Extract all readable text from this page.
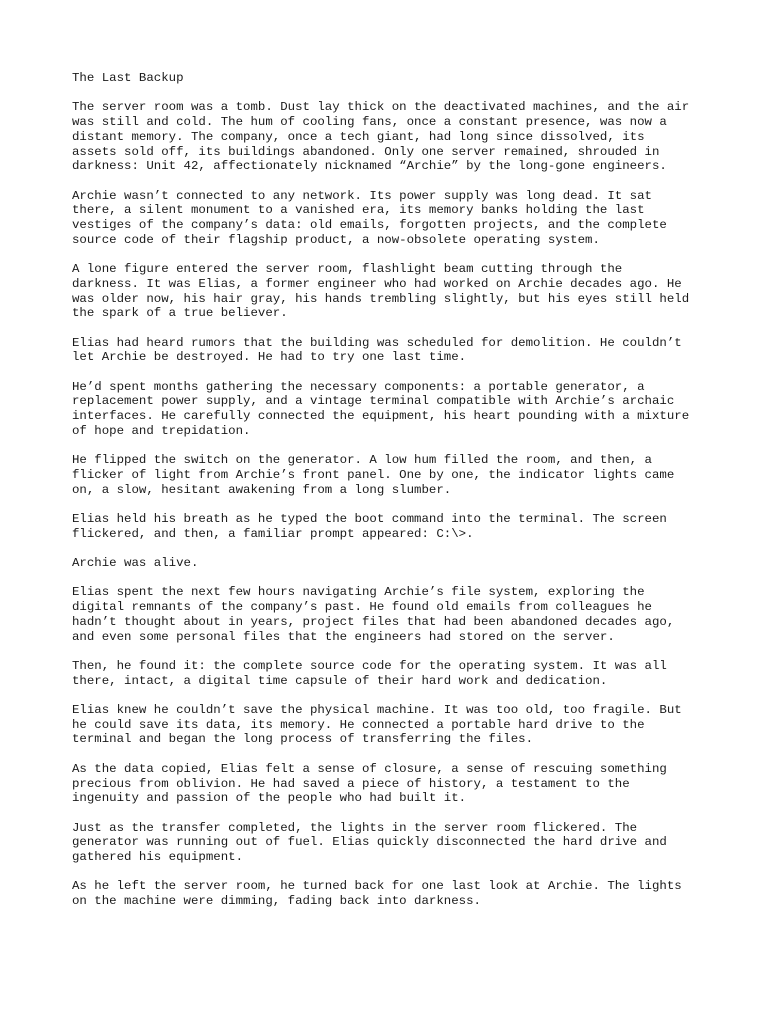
The Last Backup

The server room was a tomb. Dust lay thick on the deactivated machines, and the air
was still and cold. The hum of cooling fans, once a constant presence, was now a
distant memory. The company, once a tech giant, had long since dissolved, its
assets sold off, its buildings abandoned. Only one server remained, shrouded in
darkness: Unit 42, affectionately nicknamed “Archie” by the long-gone engineers.

Archie wasn’t connected to any network. Its power supply was long dead. It sat
there, a silent monument to a vanished era, its memory banks holding the last
vestiges of the company’s data: old emails, forgotten projects, and the complete
source code of their flagship product, a now-obsolete operating system.

A lone figure entered the server room, flashlight beam cutting through the
darkness. It was Elias, a former engineer who had worked on Archie decades ago. He
was older now, his hair gray, his hands trembling slightly, but his eyes still held
the spark of a true believer.

Elias had heard rumors that the building was scheduled for demolition. He couldn’t
let Archie be destroyed. He had to try one last time.

He’d spent months gathering the necessary components: a portable generator, a
replacement power supply, and a vintage terminal compatible with Archie’s archaic
interfaces. He carefully connected the equipment, his heart pounding with a mixture
of hope and trepidation.

He flipped the switch on the generator. A low hum filled the room, and then, a
flicker of light from Archie’s front panel. One by one, the indicator lights came
on, a slow, hesitant awakening from a long slumber.

Elias held his breath as he typed the boot command into the terminal. The screen
flickered, and then, a familiar prompt appeared: C:\>.

Archie was alive.

Elias spent the next few hours navigating Archie’s file system, exploring the
digital remnants of the company’s past. He found old emails from colleagues he
hadn’t thought about in years, project files that had been abandoned decades ago,
and even some personal files that the engineers had stored on the server.

Then, he found it: the complete source code for the operating system. It was all
there, intact, a digital time capsule of their hard work and dedication.

Elias knew he couldn’t save the physical machine. It was too old, too fragile. But
he could save its data, its memory. He connected a portable hard drive to the
terminal and began the long process of transferring the files.

As the data copied, Elias felt a sense of closure, a sense of rescuing something
precious from oblivion. He had saved a piece of history, a testament to the
ingenuity and passion of the people who had built it.

Just as the transfer completed, the lights in the server room flickered. The
generator was running out of fuel. Elias quickly disconnected the hard drive and
gathered his equipment.

As he left the server room, he turned back for one last look at Archie. The lights
on the machine were dimming, fading back into darkness.
